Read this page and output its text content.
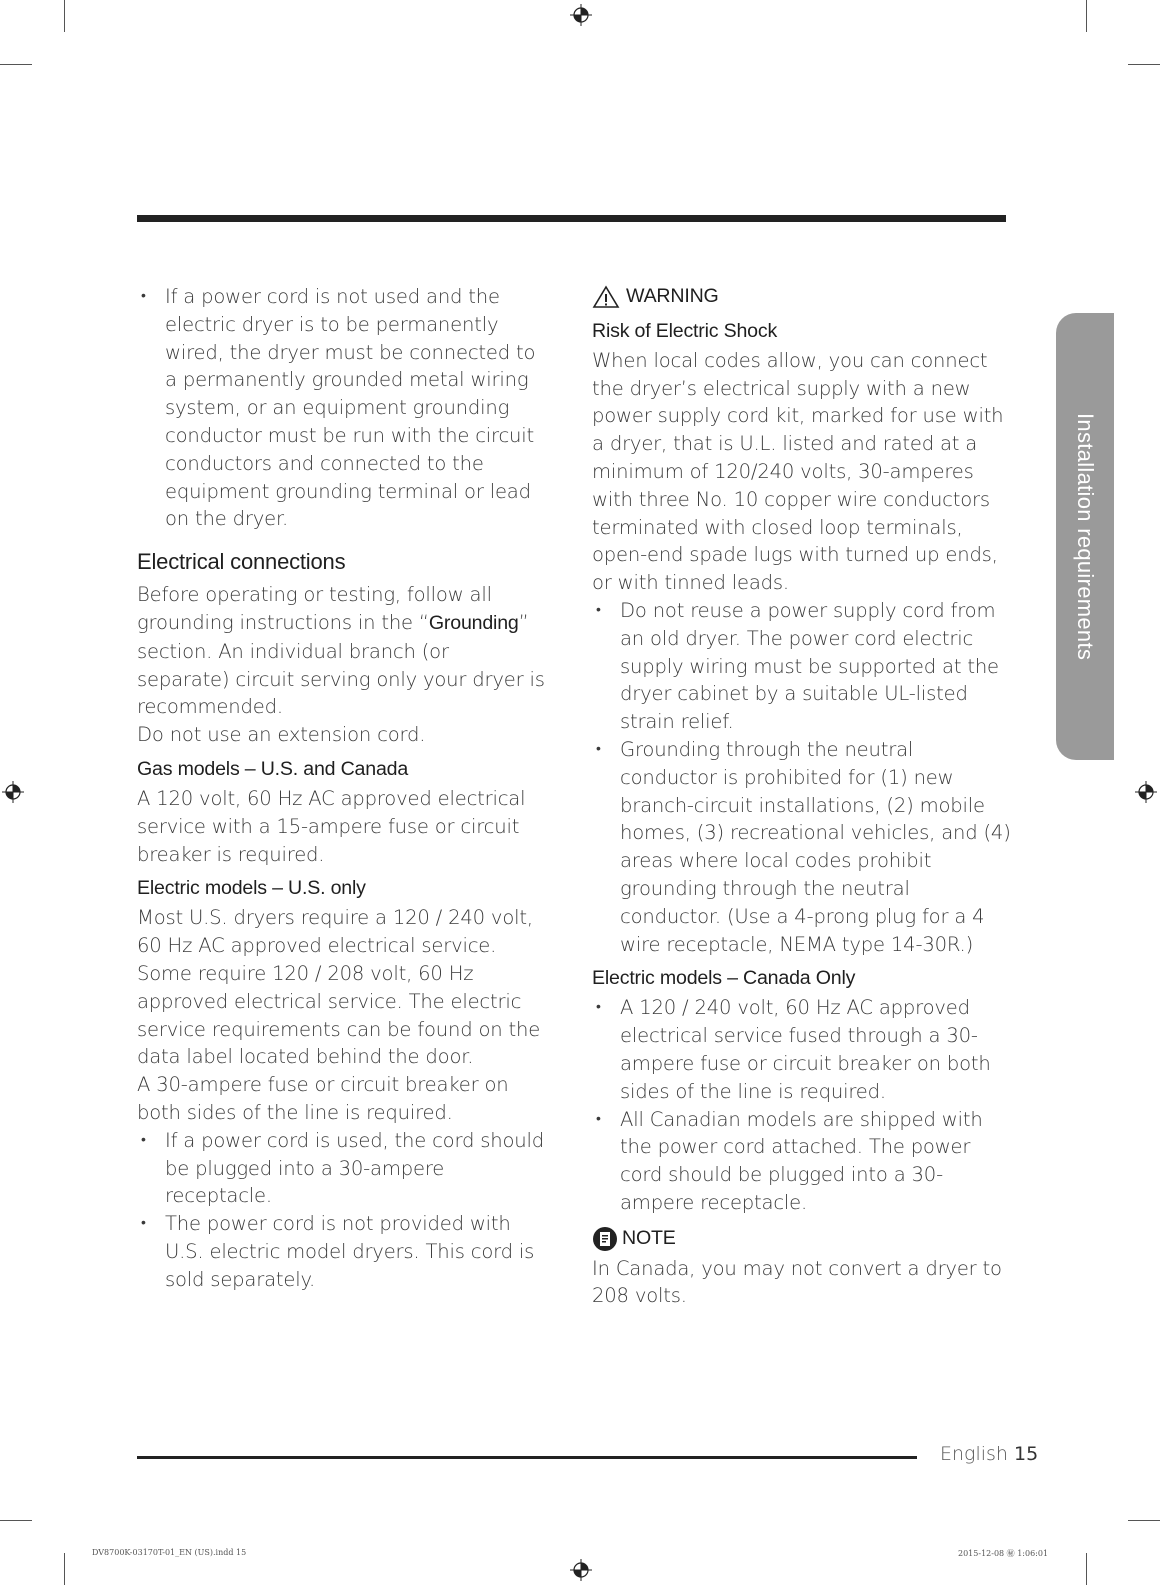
Installation requirements
• If a power cord is not used and the electric dryer is to be permanently wired, the dryer must be connected to a permanently grounded metal wiring system, or an equipment grounding conductor must be run with the circuit conductors and connected to the equipment grounding terminal or lead on the dryer.
Electrical connections

Before operating or testing, follow all grounding instructions in the “Grounding” section. An individual branch (or separate) circuit serving only your dryer is recommended.

Do not use an extension cord.

Gas models – U.S. and Canada

A 120 volt, 60 Hz AC approved electrical service with a 15-ampere fuse or circuit breaker is required.

Electric models – U.S. only

Most U.S. dryers require a 120 / 240 volt, 60 Hz AC approved electrical service. Some require 120 / 208 volt, 60 Hz approved electrical service. The electric service requirements can be found on the data label located behind the door.

A 30-ampere fuse or circuit breaker on both sides of the line is required.

• If a power cord is used, the cord should be plugged into a 30-ampere receptacle.
• The power cord is not provided with U.S. electric model dryers. This cord is sold separately.
WARNING
Risk of Electric Shock

When local codes allow, you can connect the dryer’s electrical supply with a new power supply cord kit, marked for use with a dryer, that is U.L. listed and rated at a minimum of 120/240 volts, 30-amperes with three No. 10 copper wire conductors terminated with closed loop terminals, open-end spade lugs with turned up ends, or with tinned leads.

• Do not reuse a power supply cord from an old dryer. The power cord electric supply wiring must be supported at the dryer cabinet by a suitable UL-listed strain relief.
• Grounding through the neutral conductor is prohibited for (1) new branch-circuit installations, (2) mobile homes, (3) recreational vehicles, and (4) areas where local codes prohibit grounding through the neutral conductor. (Use a 4-prong plug for a 4 wire receptacle, NEMA type 14-30R.)
Electric models – Canada Only
• A 120 / 240 volt, 60 Hz AC approved electrical service fused through a 30-ampere fuse or circuit breaker on both sides of the line is required.
• All Canadian models are shipped with the power cord attached. The power cord should be plugged into a 30-ampere receptacle.
NOTE

In Canada, you may not convert a dryer to 208 volts.

English 15
DV8700K-03170T-01_EN (US).indd 15	2015-12-08 ㊙ 1:06:01
